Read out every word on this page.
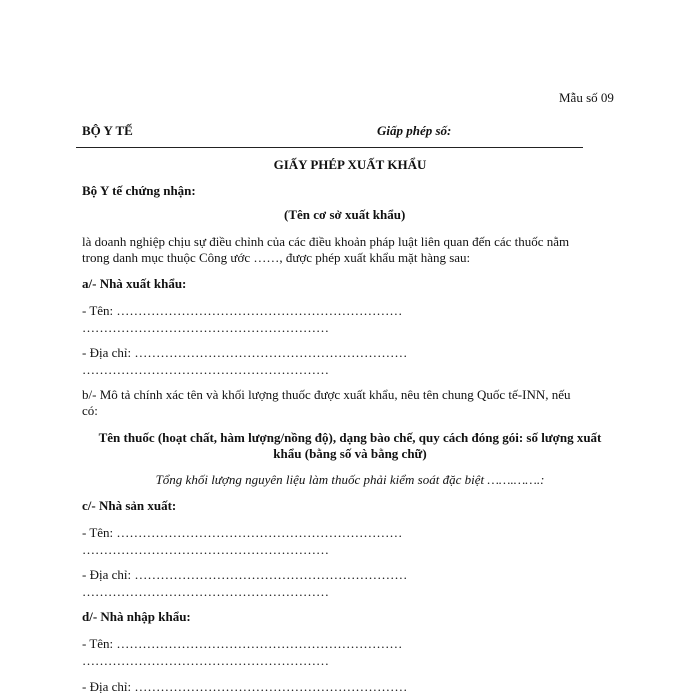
Mẫu số 09
BỘ Y TẾ	Giấp phép số:
GIẤY PHÉP XUẤT KHẨU
Bộ Y tế chứng nhận:
(Tên cơ sở xuất khẩu)
là doanh nghiệp chịu sự điều chỉnh của các điều khoản pháp luật liên quan đến các thuốc nằm
trong danh mục thuộc Công ước ……, được phép xuất khẩu mặt hàng sau:
a/- Nhà xuất khẩu:
- Tên: …………………………………………………………
…………………………………………………
- Địa chỉ: ………………………………………………………
…………………………………………………
b/- Mô tả chính xác tên và khối lượng thuốc được xuất khẩu, nêu tên chung Quốc tế-INN, nếu
có:
Tên thuốc (hoạt chất, hàm lượng/nồng độ), dạng bào chế, quy cách đóng gói: số lượng xuất
khẩu (bằng số và bằng chữ)
Tổng khối lượng nguyên liệu làm thuốc phải kiểm soát đặc biệt …….…….:
c/- Nhà sản xuất:
- Tên: …………………………………………………………
…………………………………………………
- Địa chỉ: ………………………………………………………
…………………………………………………
d/- Nhà nhập khẩu:
- Tên: …………………………………………………………
…………………………………………………
- Địa chỉ: ………………………………………………………
